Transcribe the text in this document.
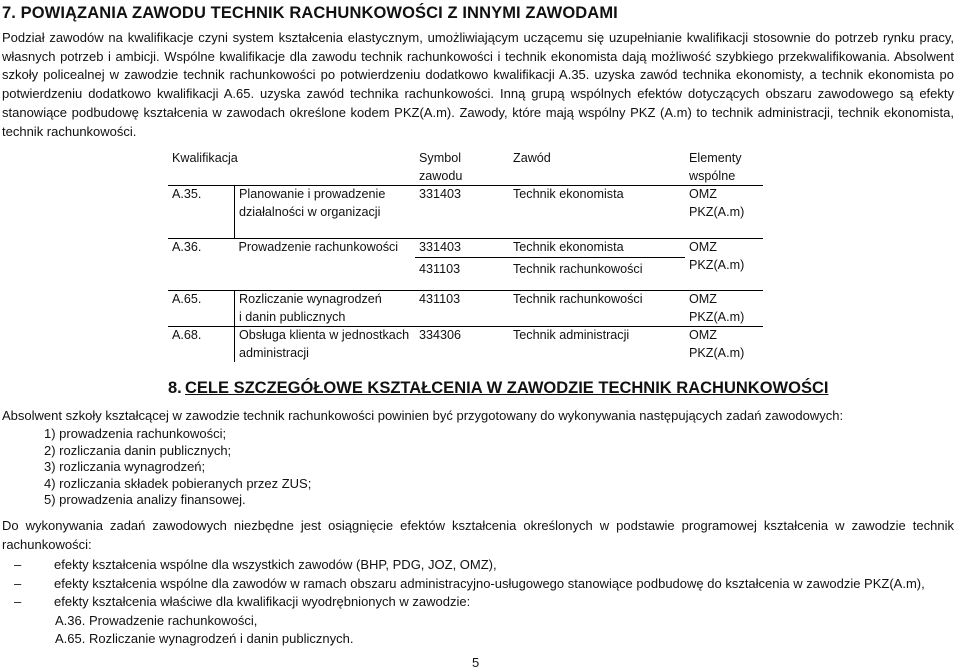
7. POWIĄZANIA ZAWODU TECHNIK RACHUNKOWOŚCI Z INNYMI ZAWODAMI

Podział zawodów na kwalifikacje czyni system kształcenia elastycznym, umożliwiającym uczącemu się uzupełnianie kwalifikacji stosownie do potrzeb rynku pracy, własnych potrzeb i ambicji. Wspólne kwalifikacje dla zawodu technik rachunkowości i technik ekonomista dają możliwość szybkiego przekwalifikowania. Absolwent szkoły policealnej w zawodzie technik rachunkowości po potwierdzeniu dodatkowo kwalifikacji A.35. uzyska zawód technika ekonomisty, a technik ekonomista po potwierdzeniu dodatkowo kwalifikacji A.65. uzyska zawód technika rachunkowości. Inną grupą wspólnych efektów dotyczących obszaru zawodowego są efekty stanowiące podbudowę kształcenia w zawodach określone kodem PKZ(A.m). Zawody, które mają wspólny PKZ (A.m) to technik administracji, technik ekonomista, technik rachunkowości.

Kwalifikacja		Symbol
zawodu	Zawód	Elementy
wspólne
A.35.	Planowanie i prowadzenie
działalności w organizacji	331403	Technik ekonomista	OMZ
PKZ(A.m)
A.36.	Prowadzenie rachunkowości	331403	Technik ekonomista	OMZ
PKZ(A.m)
		431103	Technik rachunkowości	

A.65.	Rozliczanie wynagrodzeń
i danin publicznych	431103	Technik rachunkowości	OMZ
PKZ(A.m)
A.68.	Obsługa klienta w jednostkach
administracji	334306	Technik administracji	OMZ
PKZ(A.m)
8. CELE SZCZEGÓŁOWE KSZTAŁCENIA W ZAWODZIE TECHNIK RACHUNKOWOŚCI
Absolwent szkoły kształcącej w zawodzie technik rachunkowości powinien być przygotowany do wykonywania następujących zadań zawodowych:
1) prowadzenia rachunkowości;
2) rozliczania danin publicznych;
3) rozliczania wynagrodzeń;
4) rozliczania składek pobieranych przez ZUS;
5) prowadzenia analizy finansowej.
Do wykonywania zadań zawodowych niezbędne jest osiągnięcie efektów kształcenia określonych w podstawie programowej kształcenia w zawodzie technik rachunkowości:
–	efekty kształcenia wspólne dla wszystkich zawodów (BHP, PDG, JOZ, OMZ),
–	efekty kształcenia wspólne dla zawodów w ramach obszaru administracyjno-usługowego stanowiące podbudowę do kształcenia w zawodzie PKZ(A.m),
–	efekty kształcenia właściwe dla kwalifikacji wyodrębnionych w zawodzie:
A.36. Prowadzenie rachunkowości,
A.65. Rozliczanie wynagrodzeń i danin publicznych.
5
